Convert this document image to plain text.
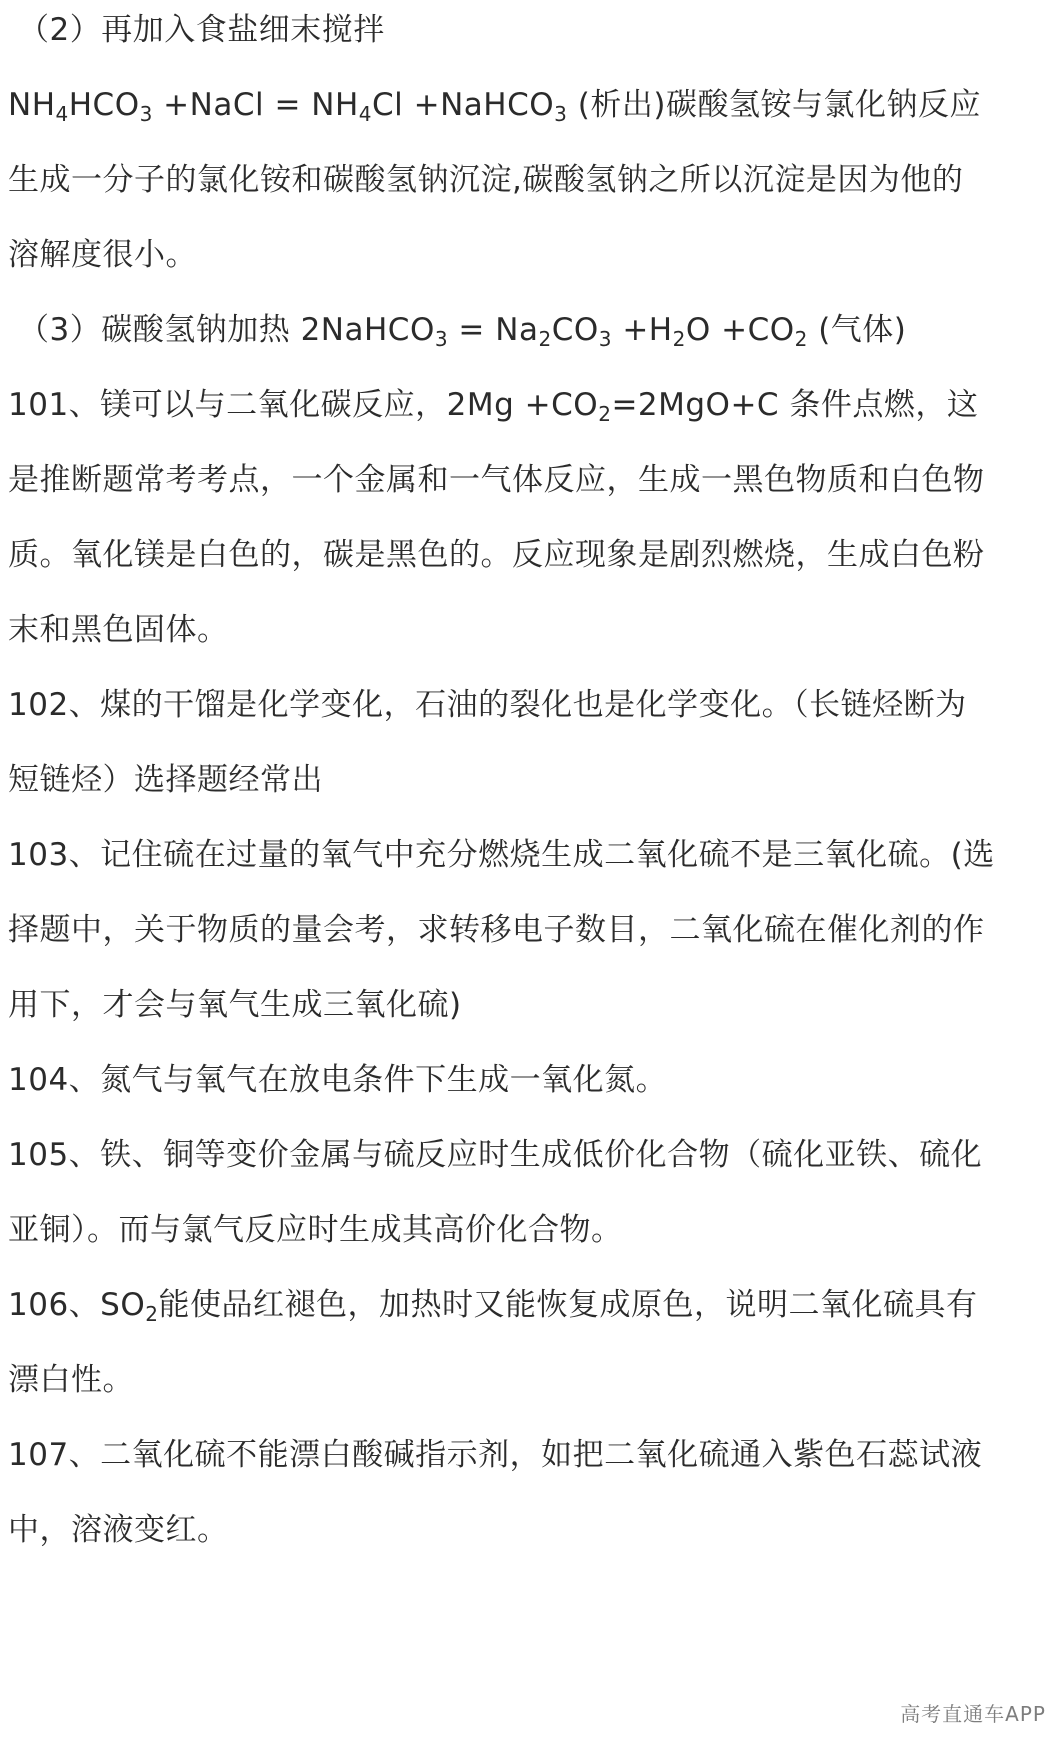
（2）再加入食盐细末搅拌
$NH_4HCO_3$ +NaCl = $NH_4Cl$ +NaHCO$_3$ (析出)碳酸氢铵与氯化钠反应
生成一分子的氯化铵和碳酸氢钠沉淀,碳酸氢钠之所以沉淀是因为他的
溶解度很小。
（3）碳酸氢钠加热 2NaHCO$_3$ = $Na_2CO_3 +H_2O +CO_2$ (气体)
101、镁可以与二氧化碳反应，$2Mg +CO_2=2MgO+C$ 条件点燃，这
是推断题常考考点，一个金属和一气体反应，生成一黑色物质和白色物
质。氧化镁是白色的，碳是黑色的。反应现象是剧烈燃烧，生成白色粉
末和黑色固体。
102、煤的干馏是化学变化，石油的裂化也是化学变化。（长链烃断为
短链烃）选择题经常出
103、记住硫在过量的氧气中充分燃烧生成二氧化硫不是三氧化硫。(选
择题中，关于物质的量会考，求转移电子数目，二氧化硫在催化剂的作
用下，才会与氧气生成三氧化硫)
104、氮气与氧气在放电条件下生成一氧化氮。
105、铁、铜等变价金属与硫反应时生成低价化合物（硫化亚铁、硫化
亚铜）。而与氯气反应时生成其高价化合物。
106、$SO_2$能使品红褪色，加热时又能恢复成原色，说明二氧化硫具有
漂白性。
107、二氧化硫不能漂白酸碱指示剂，如把二氧化硫通入紫色石蕊试液
中，溶液变红。
高考直通车APP
